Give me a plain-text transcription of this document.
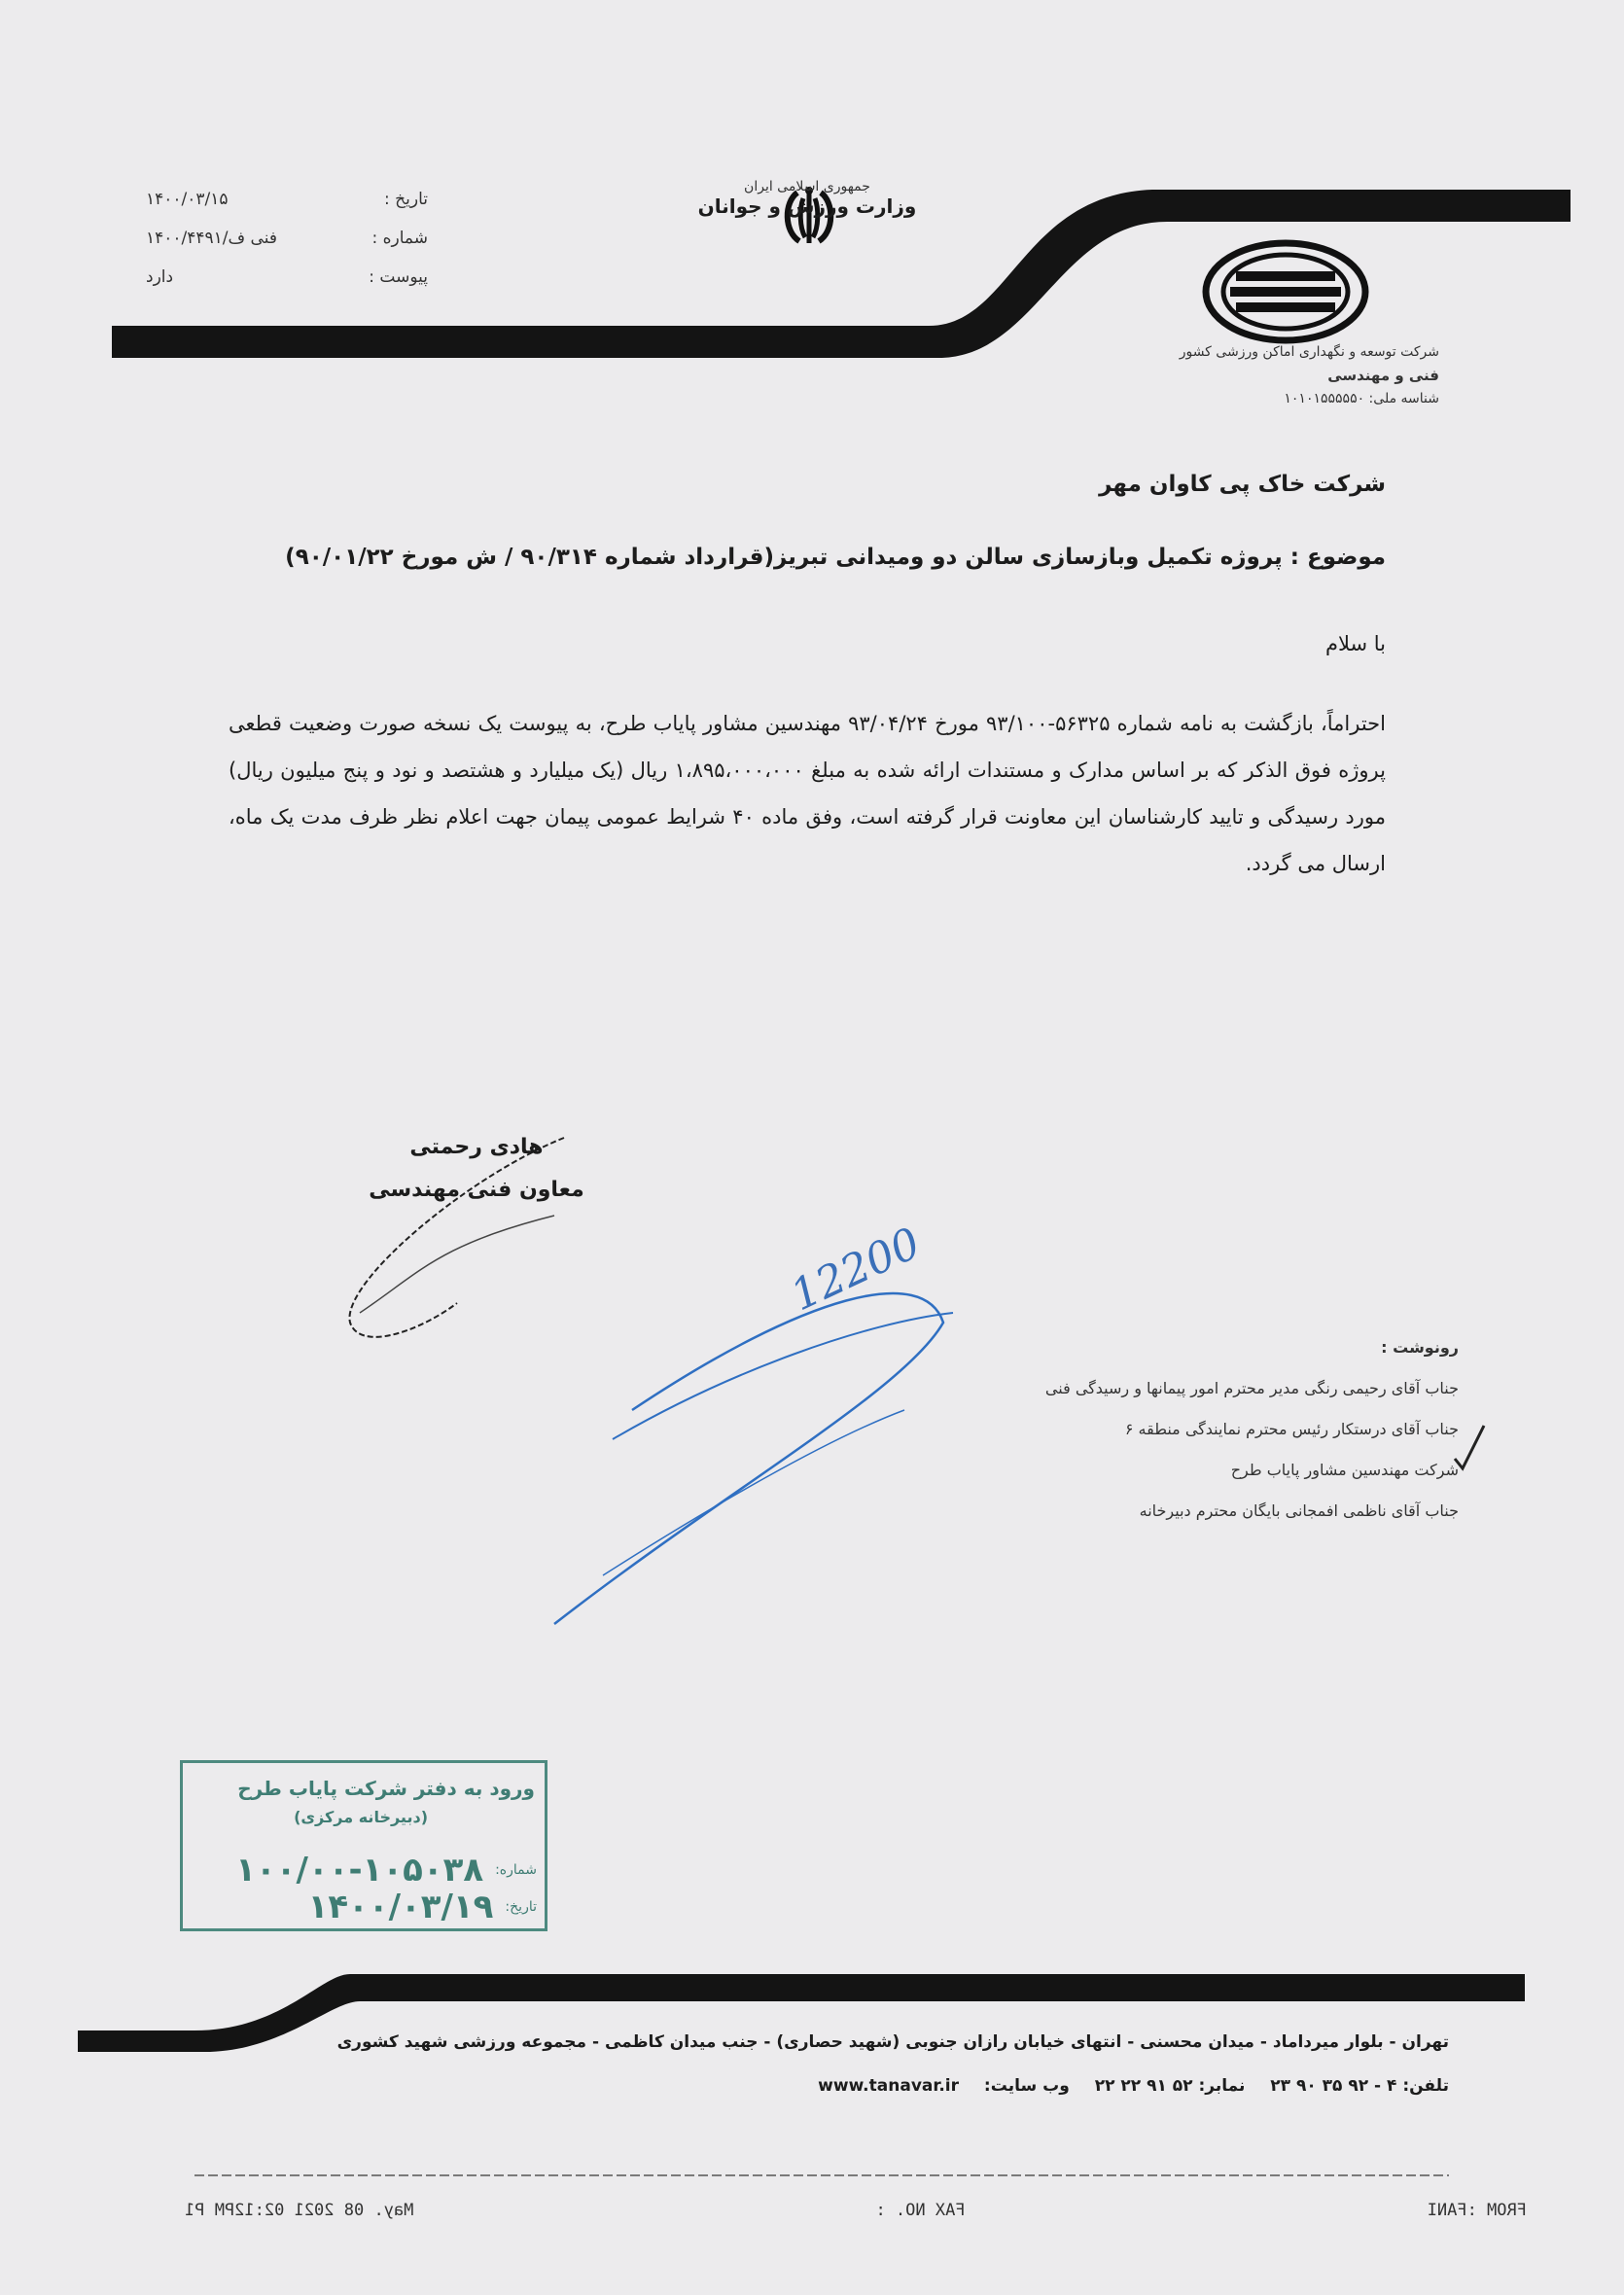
تاریخ :
۱۴۰۰/۰۳/۱۵
شماره :
۱۴۰۰/۴۴۹۱/فنی ف
پیوست :
دارد
جمهوری اسلامی ایران
وزارت ورزش و جوانان
شرکت توسعه و نگهداری اماکن ورزشی کشور
فنی و مهندسی
شناسه ملی: ۱۰۱۰۱۵۵۵۵۵۰
شرکت خاک پی کاوان مهر
موضوع : پروژه تکمیل وبازسازی سالن دو ومیدانی تبریز(قرارداد شماره ۹۰/۳۱۴ / ش مورخ ۹۰/۰۱/۲۲)
با سلام
احتراماً، بازگشت به نامه شماره ۵۶۳۲۵-۹۳/۱۰۰ مورخ ۹۳/۰۴/۲۴ مهندسین مشاور پایاب طرح، به پیوست یک نسخه صورت وضعیت قطعی پروژه فوق الذکر که بر اساس مدارک و مستندات ارائه شده به مبلغ ۱،۸۹۵،۰۰۰،۰۰۰ ریال (یک میلیارد و هشتصد و نود و پنج میلیون ریال) مورد رسیدگی و تایید کارشناسان این معاونت قرار گرفته است، وفق ماده ۴۰ شرایط عمومی پیمان جهت اعلام نظر ظرف مدت یک ماه، ارسال می گردد.
هادی رحمتی
معاون فنی مهندسی
12200
رونوشت :
جناب آقای رحیمی رنگی مدیر محترم امور پیمانها و رسیدگی فنی
جناب آقای درستکار رئیس محترم نمایندگی منطقه ۶
شرکت مهندسین مشاور پایاب طرح
جناب آقای ناظمی افمجانی بایگان محترم دبیرخانه
ورود به دفتر شرکت پایاب طرح
(دبیرخانه مرکزی)
شماره:
۱۰۰/۰۰-۱۰۵۰۳۸
تاریخ:
۱۴۰۰/۰۳/۱۹
تهران - بلوار میرداماد - میدان محسنی - انتهای خیابان رازان جنوبی (شهید حصاری) - جنب میدان کاظمی - مجموعه ورزشی شهید کشوری
تلفن: ۴ - ۹۲ ۳۵ ۹۰ ۲۳ نمابر: ۵۲ ۹۱ ۲۲ ۲۲ وب سایت: www.tanavar.ir
FROM :FANI
FAX NO. :
May. 08 2021 02:12PM P1
